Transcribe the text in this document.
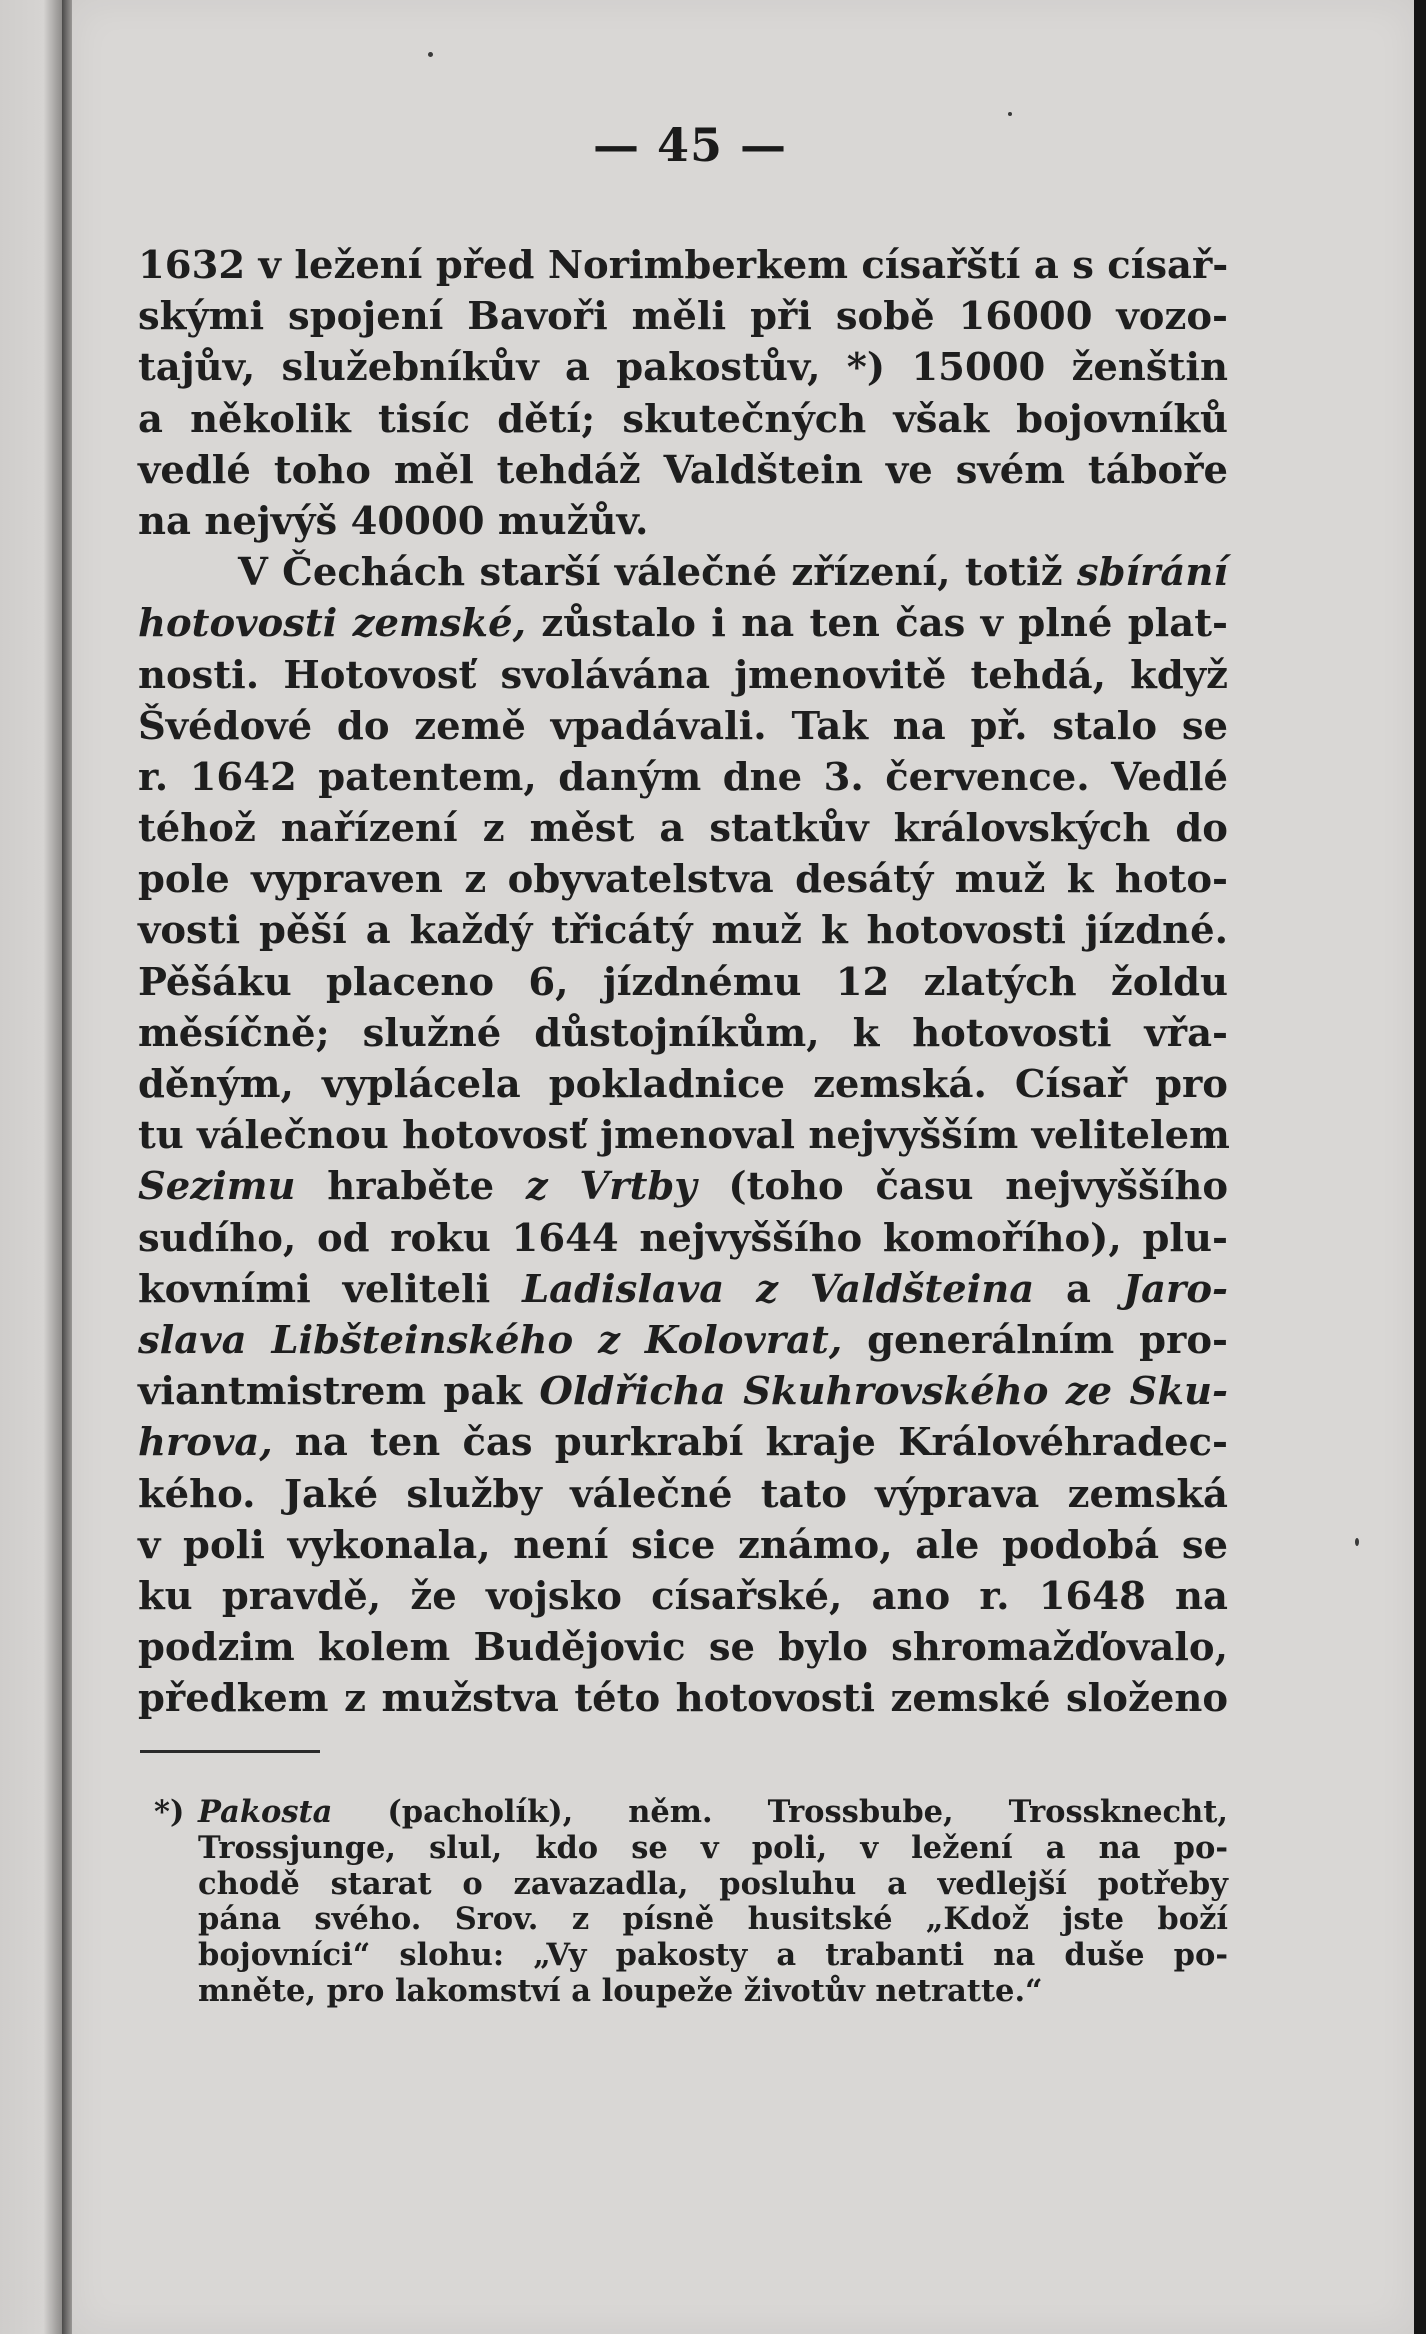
— 45 —
1632 v ležení před Norimberkem císařští a s císař-
skými spojení Bavoři měli při sobě 16000 vozo-
tajův, služebníkův a pakostův, *) 15000 ženštin
a několik tisíc dětí; skutečných však bojovníků
vedlé toho měl tehdáž Valdštein ve svém táboře
na nejvýš 40000 mužův.
V Čechách starší válečné zřízení, totiž sbírání
hotovosti zemské, zůstalo i na ten čas v plné plat-
nosti. Hotovosť svolávána jmenovitě tehdá, když
Švédové do země vpadávali. Tak na př. stalo se
r. 1642 patentem, daným dne 3. července. Vedlé
téhož nařízení z měst a statkův královských do
pole vypraven z obyvatelstva desátý muž k hoto-
vosti pěší a každý třicátý muž k hotovosti jízdné.
Pěšáku placeno 6, jízdnému 12 zlatých žoldu
měsíčně; služné důstojníkům, k hotovosti vřa-
děným, vyplácela pokladnice zemská. Císař pro
tu válečnou hotovosť jmenoval nejvyšším velitelem
Sezimu hraběte z Vrtby (toho času nejvyššího
sudího, od roku 1644 nejvyššího komořího), plu-
kovními veliteli Ladislava z Valdšteina a Jaro-
slava Libšteinského z Kolovrat, generálním pro-
viantmistrem pak Oldřicha Skuhrovského ze Sku-
hrova, na ten čas purkrabí kraje Královéhradec-
kého. Jaké služby válečné tato výprava zemská
v poli vykonala, není sice známo, ale podobá se
ku pravdě, že vojsko císařské, ano r. 1648 na
podzim kolem Budějovic se bylo shromažďovalo,
předkem z mužstva této hotovosti zemské složeno
*) Pakosta (pacholík), něm. Trossbube, Trossknecht,
Trossjunge, slul, kdo se v poli, v ležení a na po-
chodě starat o zavazadla, posluhu a vedlejší potřeby
pána svého. Srov. z písně husitské „Kdož jste boží
bojovníci“ slohu: „Vy pakosty a trabanti na duše po-
mněte, pro lakomství a loupeže životův netratte.“
